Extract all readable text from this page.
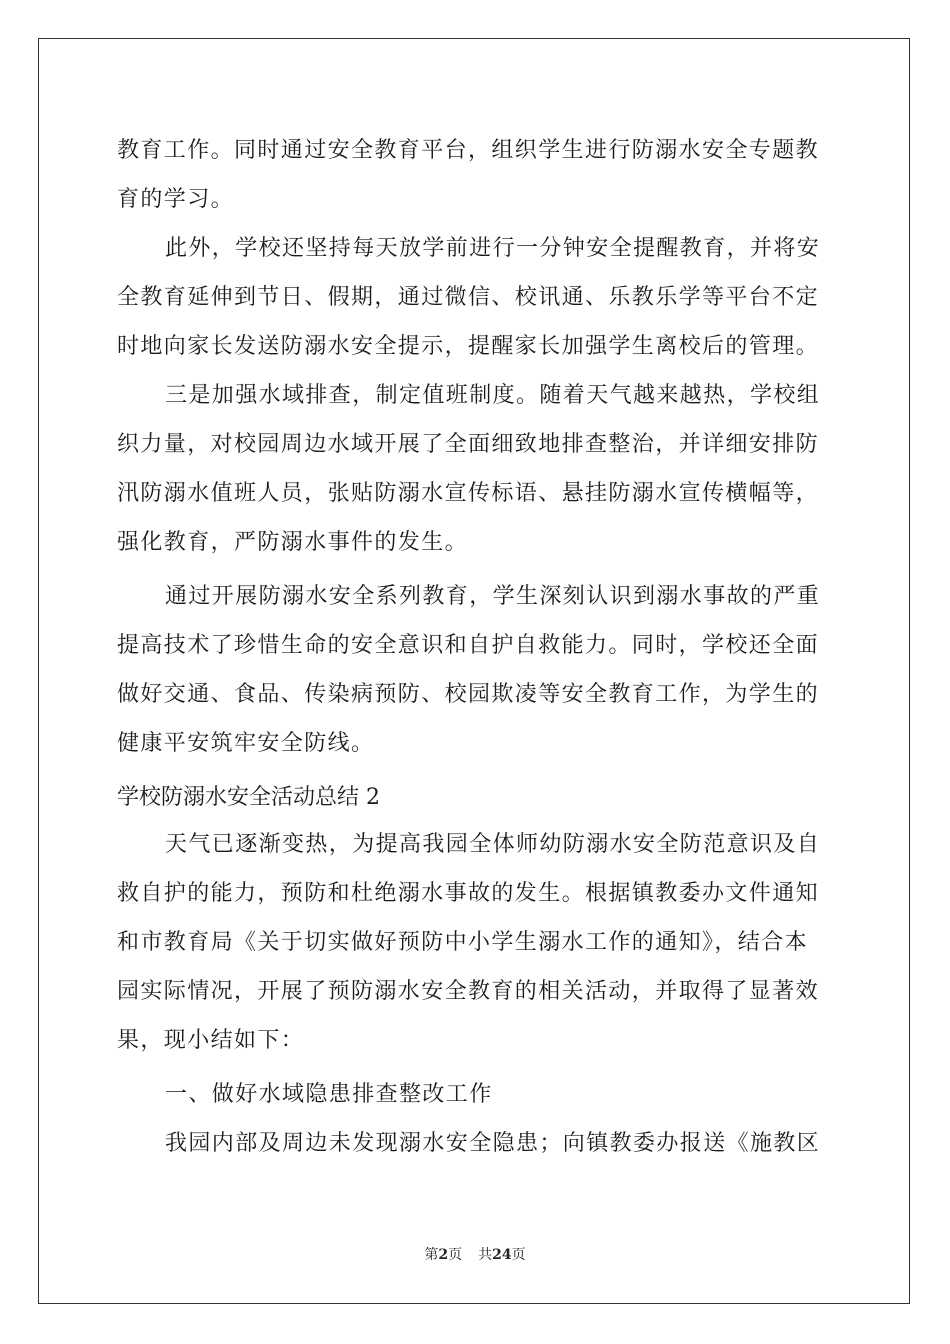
教育工作。同时通过安全教育平台，组织学生进行防溺水安全专题教
育的学习。
此外，学校还坚持每天放学前进行一分钟安全提醒教育，并将安
全教育延伸到节日、假期，通过微信、校讯通、乐教乐学等平台不定
时地向家长发送防溺水安全提示，提醒家长加强学生离校后的管理。
三是加强水域排查，制定值班制度。随着天气越来越热，学校组
织力量，对校园周边水域开展了全面细致地排查整治，并详细安排防
汛防溺水值班人员，张贴防溺水宣传标语、悬挂防溺水宣传横幅等，
强化教育，严防溺水事件的发生。
通过开展防溺水安全系列教育，学生深刻认识到溺水事故的严重
提高技术了珍惜生命的安全意识和自护自救能力。同时，学校还全面
做好交通、食品、传染病预防、校园欺凌等安全教育工作，为学生的
健康平安筑牢安全防线。
学校防溺水安全活动总结 2
天气已逐渐变热，为提高我园全体师幼防溺水安全防范意识及自
救自护的能力，预防和杜绝溺水事故的发生。根据镇教委办文件通知
和市教育局《关于切实做好预防中小学生溺水工作的通知》，结合本
园实际情况，开展了预防溺水安全教育的相关活动，并取得了显著效
果，现小结如下：
一、做好水域隐患排查整改工作
我园内部及周边未发现溺水安全隐患；向镇教委办报送《施教区
第2页 共24页
